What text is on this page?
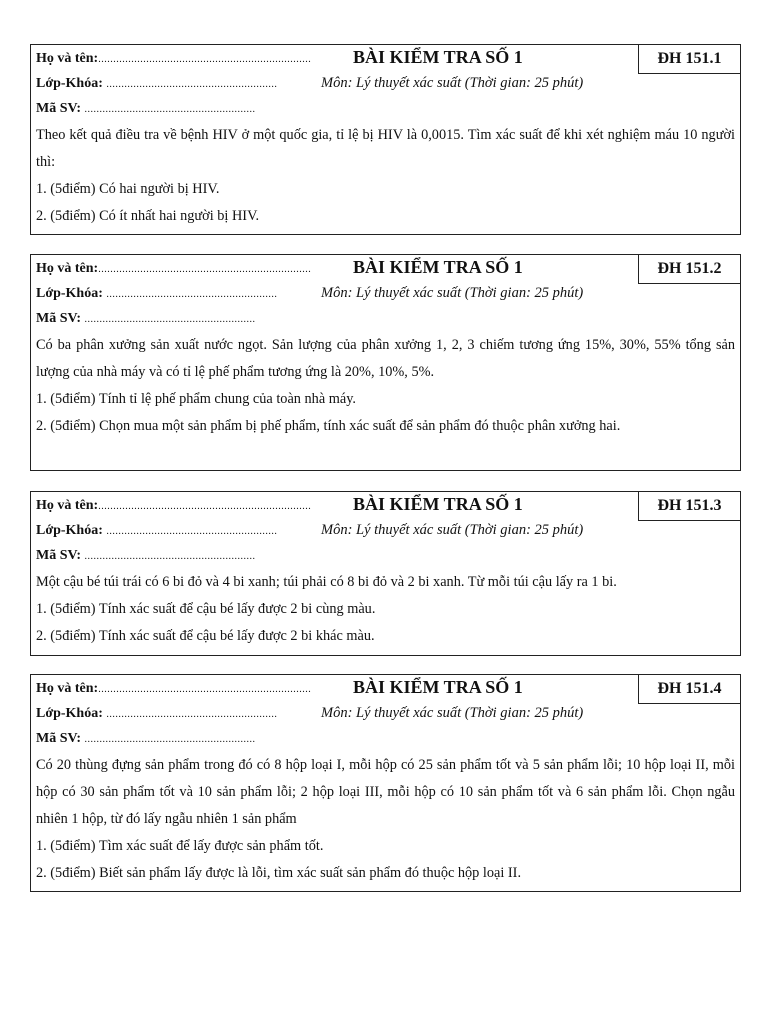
ĐH 151.1
Họ và tên:....................................................................... BÀI KIỂM TRA SỐ 1
Lớp-Khóa: .........................................................	Môn: Lý thuyết xác suất (Thời gian: 25 phút)
Mã SV: .........................................................

Theo kết quả điều tra về bệnh HIV ở một quốc gia, tỉ lệ bị HIV là 0,0015. Tìm xác suất để khi xét nghiệm máu 10 người thì:

1. (5điểm) Có hai người bị HIV.

2. (5điểm) Có ít nhất hai người bị HIV.

ĐH 151.2
Họ và tên:....................................................................... BÀI KIỂM TRA SỐ 1
Lớp-Khóa: .........................................................	Môn: Lý thuyết xác suất (Thời gian: 25 phút)
Mã SV: .........................................................

Có ba phân xưởng sản xuất nước ngọt. Sản lượng của phân xưởng 1, 2, 3 chiếm tương ứng 15%, 30%, 55% tổng sản lượng của nhà máy và có tỉ lệ phế phẩm tương ứng là 20%, 10%, 5%.

1. (5điểm) Tính tỉ lệ phế phẩm chung của toàn nhà máy.

2. (5điểm) Chọn mua một sản phẩm bị phế phẩm, tính xác suất để sản phẩm đó thuộc phân xưởng hai.

ĐH 151.3
Họ và tên:....................................................................... BÀI KIỂM TRA SỐ 1
Lớp-Khóa: .........................................................	Môn: Lý thuyết xác suất (Thời gian: 25 phút)
Mã SV: .........................................................

Một cậu bé túi trái có 6 bi đỏ và 4 bi xanh; túi phải có 8 bi đỏ và 2 bi xanh. Từ mỗi túi cậu lấy ra 1 bi.

1. (5điểm) Tính xác suất để cậu bé lấy được 2 bi cùng màu.

2. (5điểm) Tính xác suất để cậu bé lấy được 2 bi khác màu.

ĐH 151.4
Họ và tên:....................................................................... BÀI KIỂM TRA SỐ 1
Lớp-Khóa: .........................................................	Môn: Lý thuyết xác suất (Thời gian: 25 phút)
Mã SV: .........................................................

Có 20 thùng đựng sản phẩm trong đó có 8 hộp loại I, mỗi hộp có 25 sản phẩm tốt và 5 sản phẩm lỗi; 10 hộp loại II, mỗi hộp có 30 sản phẩm tốt và 10 sản phẩm lỗi; 2 hộp loại III, mỗi hộp có 10 sản phẩm tốt và 6 sản phẩm lỗi. Chọn ngẫu nhiên 1 hộp, từ đó lấy ngẫu nhiên 1 sản phẩm

1. (5điểm) Tìm xác suất để lấy được sản phẩm tốt.

2. (5điểm) Biết sản phẩm lấy được là lỗi, tìm xác suất sản phẩm đó thuộc hộp loại II.
